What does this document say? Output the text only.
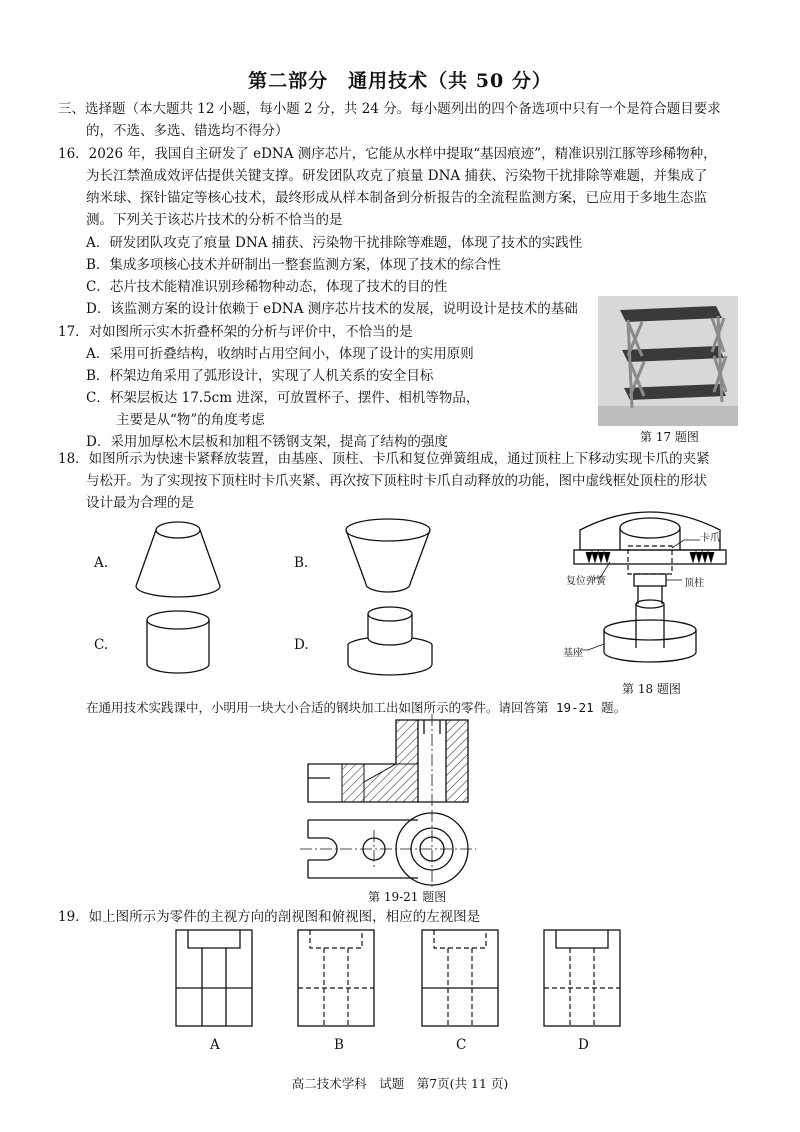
第二部分　通用技术（共 50 分）
三、选择题（本大题共 12 小题，每小题 2 分，共 24 分。每小题列出的四个备选项中只有一个是符合题目要求
的，不选、多选、错选均不得分）
16．2026 年，我国自主研发了 eDNA 测序芯片，它能从水样中提取“基因痕迹”，精准识别江豚等珍稀物种，
为长江禁渔成效评估提供关键支撑。研发团队攻克了痕量 DNA 捕获、污染物干扰排除等难题，并集成了
纳米球、探针锚定等核心技术，最终形成从样本制备到分析报告的全流程监测方案，已应用于多地生态监
测。下列关于该芯片技术的分析不恰当的是
A．研发团队攻克了痕量 DNA 捕获、污染物干扰排除等难题，体现了技术的实践性
B．集成多项核心技术并研制出一整套监测方案，体现了技术的综合性
C．芯片技术能精准识别珍稀物种动态，体现了技术的目的性
D．该监测方案的设计依赖于 eDNA 测序芯片技术的发展，说明设计是技术的基础
17．对如图所示实木折叠杯架的分析与评价中，不恰当的是
A．采用可折叠结构，收纳时占用空间小，体现了设计的实用原则
B．杯架边角采用了弧形设计，实现了人机关系的安全目标
C．杯架层板达 17.5cm 进深，可放置杯子、摆件、相机等物品，
主要是从“物”的角度考虑
D．采用加厚松木层板和加粗不锈钢支架，提高了结构的强度	第 17 题图
18．如图所示为快速卡紧释放装置，由基座、顶柱、卡爪和复位弹簧组成，通过顶柱上下移动实现卡爪的夹紧
与松开。为了实现按下顶柱时卡爪夹紧、再次按下顶柱时卡爪自动释放的功能，图中虚线框处顶柱的形状
设计最为合理的是
A.	B.
C.	D.
卡爪
复位弹簧	顶柱
基座
第 18 题图
在通用技术实践课中，小明用一块大小合适的钢块加工出如图所示的零件。请回答第 19-21 题。
第 19-21 题图
19．如上图所示为零件的主视方向的剖视图和俯视图，相应的左视图是
A	B	C	D
高二技术学科　试题　第7页(共 11 页)
